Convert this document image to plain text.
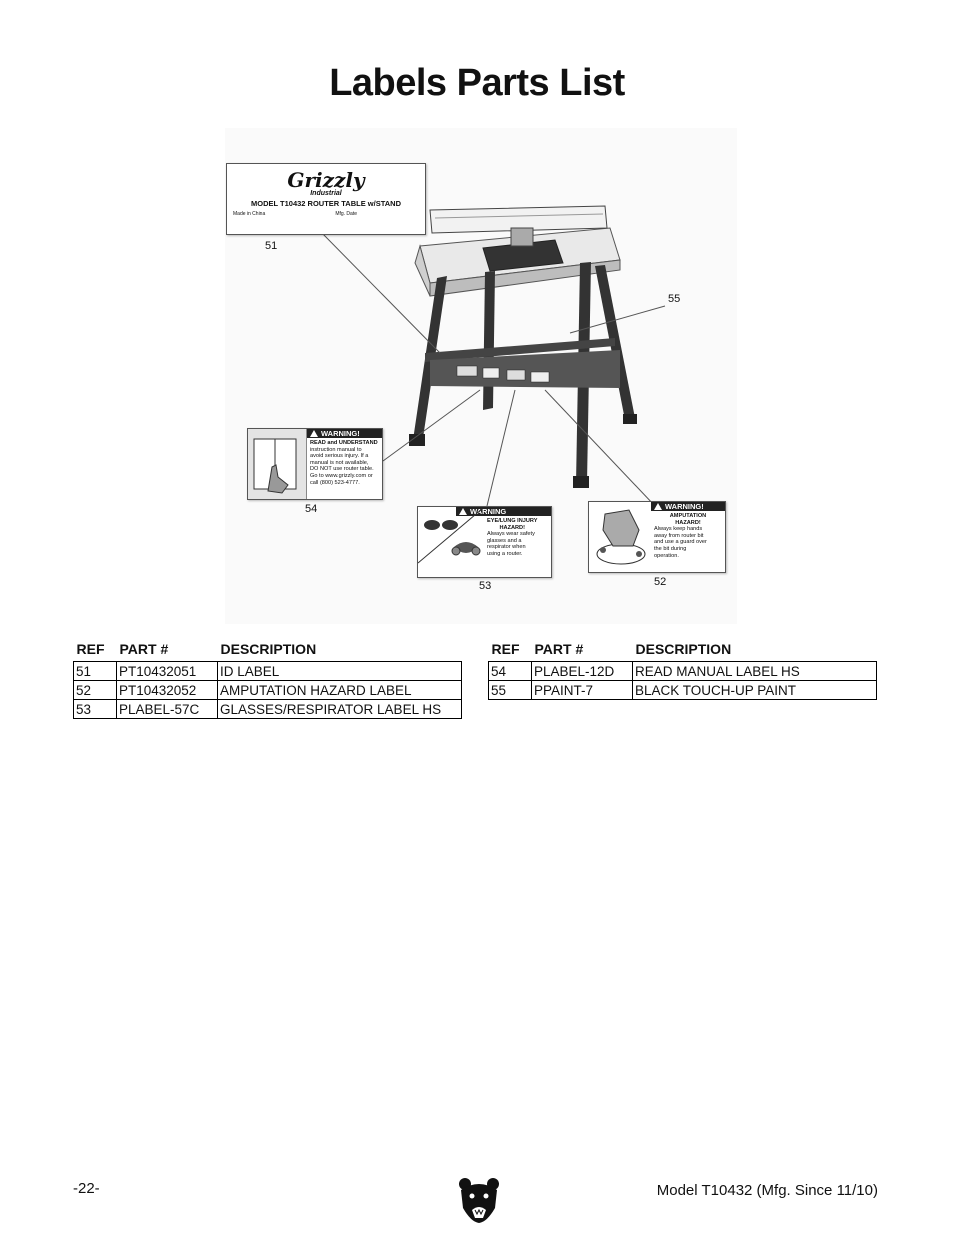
Labels Parts List
Grizzly
Industrial
MODEL T10432 ROUTER TABLE w/STAND
Made in China	Mfg. Date
51
55
WARNING!
READ and UNDERSTAND
instruction manual to
avoid serious injury. If a
manual is not available,
DO NOT use router table.
Go to www.grizzly.com or
call (800) 523-4777.
54	WARNING
EYE/LUNG INJURY
HAZARD!
Always wear safety
glasses and a
respirator when
using a router.
53
WARNING!
AMPUTATION
HAZARD!
Always keep hands
away from router bit
and use a guard over
the bit during
operation.
52
REF	PART #	DESCRIPTION
51	PT10432051	ID LABEL
52	PT10432052	AMPUTATION HAZARD LABEL
53	PLABEL-57C	GLASSES/RESPIRATOR LABEL HS
REF	PART #	DESCRIPTION
54	PLABEL-12D	READ MANUAL LABEL HS
55	PPAINT-7	BLACK TOUCH-UP PAINT
-22-	Model T10432 (Mfg. Since 11/10)
